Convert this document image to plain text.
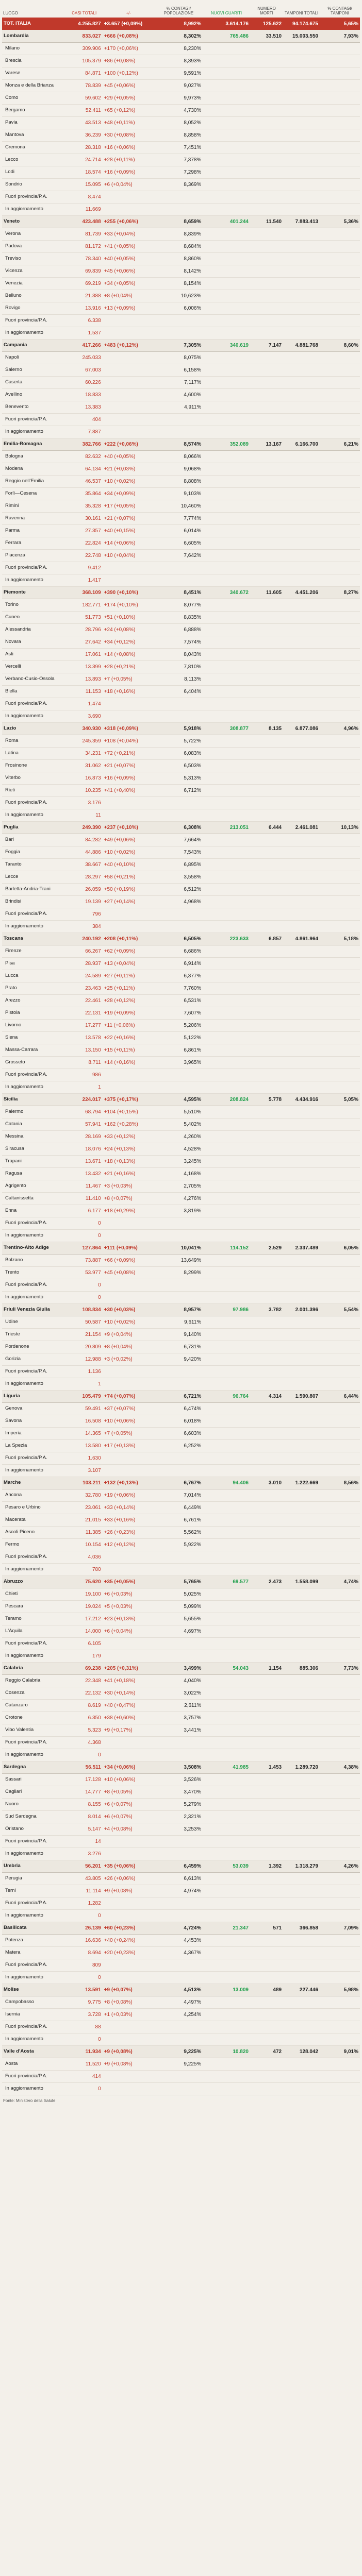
LUOGO	CASI TOTALI	+/-	% CONTAGI/ POPOLAZIONE	NUOVI GUARITI	NUMERO MORTI	TAMPONI TOTALI	% CONTAGI/ TAMPONI
TOT. ITALIA	4.255.827	+3.657 (+0,09%)	8,992%	3.614.176	125.622	94.174.675	5,65%
Lombardia	833.027	+666 (+0,08%)	8,302%	765.486	33.510	15.003.550	7,93%
Milano	309.906	+170 (+0,06%)	8,230%				
Brescia	105.379	+86 (+0,08%)	8,393%				
Varese	84.871	+100 (+0,12%)	9,591%				
Monza e della Brianza	78.839	+45 (+0,06%)	9,027%				
Como	59.602	+29 (+0,05%)	9,973%				
Bergamo	52.411	+65 (+0,12%)	4,730%				
Pavia	43.513	+48 (+0,11%)	8,052%				
Mantova	36.239	+30 (+0,08%)	8,858%				
Cremona	28.318	+16 (+0,06%)	7,451%				
Lecco	24.714	+28 (+0,11%)	7,378%				
Lodi	18.574	+16 (+0,09%)	7,298%				
Sondrio	15.095	+6 (+0,04%)	8,369%				
Fuori provincia/P.A.	8.474						
In aggiornamento	11.669						
Veneto	423.488	+255 (+0,06%)	8,659%	401.244	11.540	7.883.413	5,36%
Verona	81.739	+33 (+0,04%)	8,839%				
Padova	81.172	+41 (+0,05%)	8,684%				
Treviso	78.340	+40 (+0,05%)	8,860%				
Vicenza	69.839	+45 (+0,06%)	8,142%				
Venezia	69.219	+34 (+0,05%)	8,154%				
Belluno	21.388	+8 (+0,04%)	10,623%				
Rovigo	13.916	+13 (+0,09%)	6,006%				
Fuori provincia/P.A.	6.338						
In aggiornamento	1.537						
Campania	417.266	+483 (+0,12%)	7,305%	340.619	7.147	4.881.768	8,60%
Napoli	245.033		8,075%				
Salerno	67.003		6,158%				
Caserta	60.226		7,117%				
Avellino	18.833		4,600%				
Benevento	13.383		4,911%				
Fuori provincia/P.A.	404						
In aggiornamento	7.887						
Emilia-Romagna	382.766	+222 (+0,06%)	8,574%	352.089	13.167	6.166.700	6,21%
Bologna	82.632	+40 (+0,05%)	8,066%				
Modena	64.134	+21 (+0,03%)	9,068%				
Reggio nell'Emilia	46.537	+10 (+0,02%)	8,808%				
Forlì—Cesena	35.864	+34 (+0,09%)	9,103%				
Rimini	35.328	+17 (+0,05%)	10,460%				
Ravenna	30.161	+21 (+0,07%)	7,774%				
Parma	27.357	+40 (+0,15%)	6,014%				
Ferrara	22.824	+14 (+0,06%)	6,605%				
Piacenza	22.748	+10 (+0,04%)	7,642%				
Fuori provincia/P.A.	9.412						
In aggiornamento	1.417						
Piemonte	368.109	+390 (+0,10%)	8,451%	340.672	11.605	4.451.206	8,27%
Torino	182.771	+174 (+0,10%)	8,077%				
Cuneo	51.773	+51 (+0,10%)	8,835%				
Alessandria	28.796	+24 (+0,08%)	6,888%				
Novara	27.642	+34 (+0,12%)	7,574%				
Asti	17.061	+14 (+0,08%)	8,043%				
Vercelli	13.399	+28 (+0,21%)	7,810%				
Verbano-Cusio-Ossola	13.893	+7 (+0,05%)	8,113%				
Biella	11.153	+18 (+0,16%)	6,404%				
Fuori provincia/P.A.	1.474						
In aggiornamento	3.690						
Lazio	340.930	+318 (+0,09%)	5,918%	308.877	8.135	6.877.086	4,96%
Roma	245.359	+108 (+0,04%)	5,722%				
Latina	34.231	+72 (+0,21%)	6,083%				
Frosinone	31.062	+21 (+0,07%)	6,503%				
Viterbo	16.873	+16 (+0,09%)	5,313%				
Rieti	10.235	+41 (+0,40%)	6,712%				
Fuori provincia/P.A.	3.176						
In aggiornamento	11						
Puglia	249.390	+237 (+0,10%)	6,308%	213.051	6.444	2.461.081	10,13%
Bari	84.282	+49 (+0,06%)	7,664%				
Foggia	44.886	+10 (+0,02%)	7,543%				
Taranto	38.667	+40 (+0,10%)	6,895%				
Lecce	28.297	+58 (+0,21%)	3,558%				
Barletta-Andria-Trani	26.059	+50 (+0,19%)	6,512%				
Brindisi	19.139	+27 (+0,14%)	4,968%				
Fuori provincia/P.A.	796						
In aggiornamento	384						
Toscana	240.192	+208 (+0,11%)	6,505%	223.633	6.857	4.861.964	5,18%
Firenze	66.267	+62 (+0,09%)	6,686%				
Pisa	28.937	+13 (+0,04%)	6,914%				
Lucca	24.589	+27 (+0,11%)	6,377%				
Prato	23.463	+25 (+0,11%)	7,760%				
Arezzo	22.461	+28 (+0,12%)	6,531%				
Pistoia	22.131	+19 (+0,09%)	7,607%				
Livorno	17.277	+11 (+0,06%)	5,206%				
Siena	13.578	+22 (+0,16%)	5,122%				
Massa-Carrara	13.150	+15 (+0,11%)	6,861%				
Grosseto	8.711	+14 (+0,16%)	3,965%				
Fuori provincia/P.A.	986						
In aggiornamento	1						
Sicilia	224.017	+375 (+0,17%)	4,595%	208.824	5.778	4.434.916	5,05%
Palermo	68.794	+104 (+0,15%)	5,510%				
Catania	57.941	+162 (+0,28%)	5,402%				
Messina	28.169	+33 (+0,12%)	4,260%				
Siracusa	18.076	+24 (+0,13%)	4,528%				
Trapani	13.671	+18 (+0,13%)	3,245%				
Ragusa	13.432	+21 (+0,16%)	4,168%				
Agrigento	11.467	+3 (+0,03%)	2,705%				
Caltanissetta	11.410	+8 (+0,07%)	4,276%				
Enna	6.177	+18 (+0,29%)	3,819%				
Fuori provincia/P.A.	0						
In aggiornamento	0						
Trentino-Alto Adige	127.864	+111 (+0,09%)	10,041%	114.152	2.529	2.337.489	6,05%
Bolzano	73.887	+66 (+0,09%)	13,649%				
Trento	53.977	+45 (+0,08%)	8,299%				
Fuori provincia/P.A.	0						
In aggiornamento	0						
Friuli Venezia Giulia	108.834	+30 (+0,03%)	8,957%	97.986	3.782	2.001.396	5,54%
Udine	50.587	+10 (+0,02%)	9,611%				
Trieste	21.154	+9 (+0,04%)	9,140%				
Pordenone	20.809	+8 (+0,04%)	6,731%				
Gorizia	12.988	+3 (+0,02%)	9,420%				
Fuori provincia/P.A.	1.136						
In aggiornamento	1						
Liguria	105.479	+74 (+0,07%)	6,721%	96.764	4.314	1.590.807	6,44%
Genova	59.491	+37 (+0,07%)	6,474%				
Savona	16.508	+10 (+0,06%)	6,018%				
Imperia	14.365	+7 (+0,05%)	6,603%				
La Spezia	13.580	+17 (+0,13%)	6,252%				
Fuori provincia/P.A.	1.630						
In aggiornamento	3.107						
Marche	103.211	+132 (+0,13%)	6,767%	94.406	3.010	1.222.669	8,56%
Ancona	32.780	+19 (+0,06%)	7,014%				
Pesaro e Urbino	23.061	+33 (+0,14%)	6,449%				
Macerata	21.015	+33 (+0,16%)	6,761%				
Ascoli Piceno	11.385	+26 (+0,23%)	5,562%				
Fermo	10.154	+12 (+0,12%)	5,922%				
Fuori provincia/P.A.	4.036						
In aggiornamento	780						
Abruzzo	75.620	+35 (+0,05%)	5,765%	69.577	2.473	1.558.099	4,74%
Chieti	19.100	+6 (+0,03%)	5,025%				
Pescara	19.024	+5 (+0,03%)	5,099%				
Teramo	17.212	+23 (+0,13%)	5,655%				
L'Aquila	14.000	+6 (+0,04%)	4,697%				
Fuori provincia/P.A.	6.105						
In aggiornamento	179						
Calabria	69.238	+205 (+0,31%)	3,499%	54.043	1.154	885.306	7,73%
Reggio Calabria	22.348	+41 (+0,18%)	4,040%				
Cosenza	22.132	+30 (+0,14%)	3,022%				
Catanzaro	8.619	+40 (+0,47%)	2,611%				
Crotone	6.350	+38 (+0,60%)	3,757%				
Vibo Valentia	5.323	+9 (+0,17%)	3,441%				
Fuori provincia/P.A.	4.368						
In aggiornamento	0						
Sardegna	56.511	+34 (+0,06%)	3,508%	41.985	1.453	1.289.720	4,38%
Sassari	17.128	+10 (+0,06%)	3,526%				
Cagliari	14.777	+8 (+0,05%)	3,470%				
Nuoro	8.155	+6 (+0,07%)	5,279%				
Sud Sardegna	8.014	+6 (+0,07%)	2,321%				
Oristano	5.147	+4 (+0,08%)	3,253%				
Fuori provincia/P.A.	14						
In aggiornamento	3.276						
Umbria	56.201	+35 (+0,06%)	6,459%	53.039	1.392	1.318.279	4,26%
Perugia	43.805	+26 (+0,06%)	6,613%				
Terni	11.114	+9 (+0,08%)	4,974%				
Fuori provincia/P.A.	1.282						
In aggiornamento	0						
Basilicata	26.139	+60 (+0,23%)	4,724%	21.347	571	366.858	7,09%
Potenza	16.636	+40 (+0,24%)	4,453%				
Matera	8.694	+20 (+0,23%)	4,367%				
Fuori provincia/P.A.	809						
In aggiornamento	0						
Molise	13.591	+9 (+0,07%)	4,513%	13.009	489	227.446	5,98%
Campobasso	9.775	+8 (+0,08%)	4,497%				
Isernia	3.728	+1 (+0,03%)	4,254%				
Fuori provincia/P.A.	88						
In aggiornamento	0						
Valle d'Aosta	11.934	+9 (+0,08%)	9,225%	10.820	472	128.042	9,01%
Aosta	11.520	+9 (+0,08%)	9,225%				
Fuori provincia/P.A.	414						
In aggiornamento	0						
Fonte: Ministero della Salute
